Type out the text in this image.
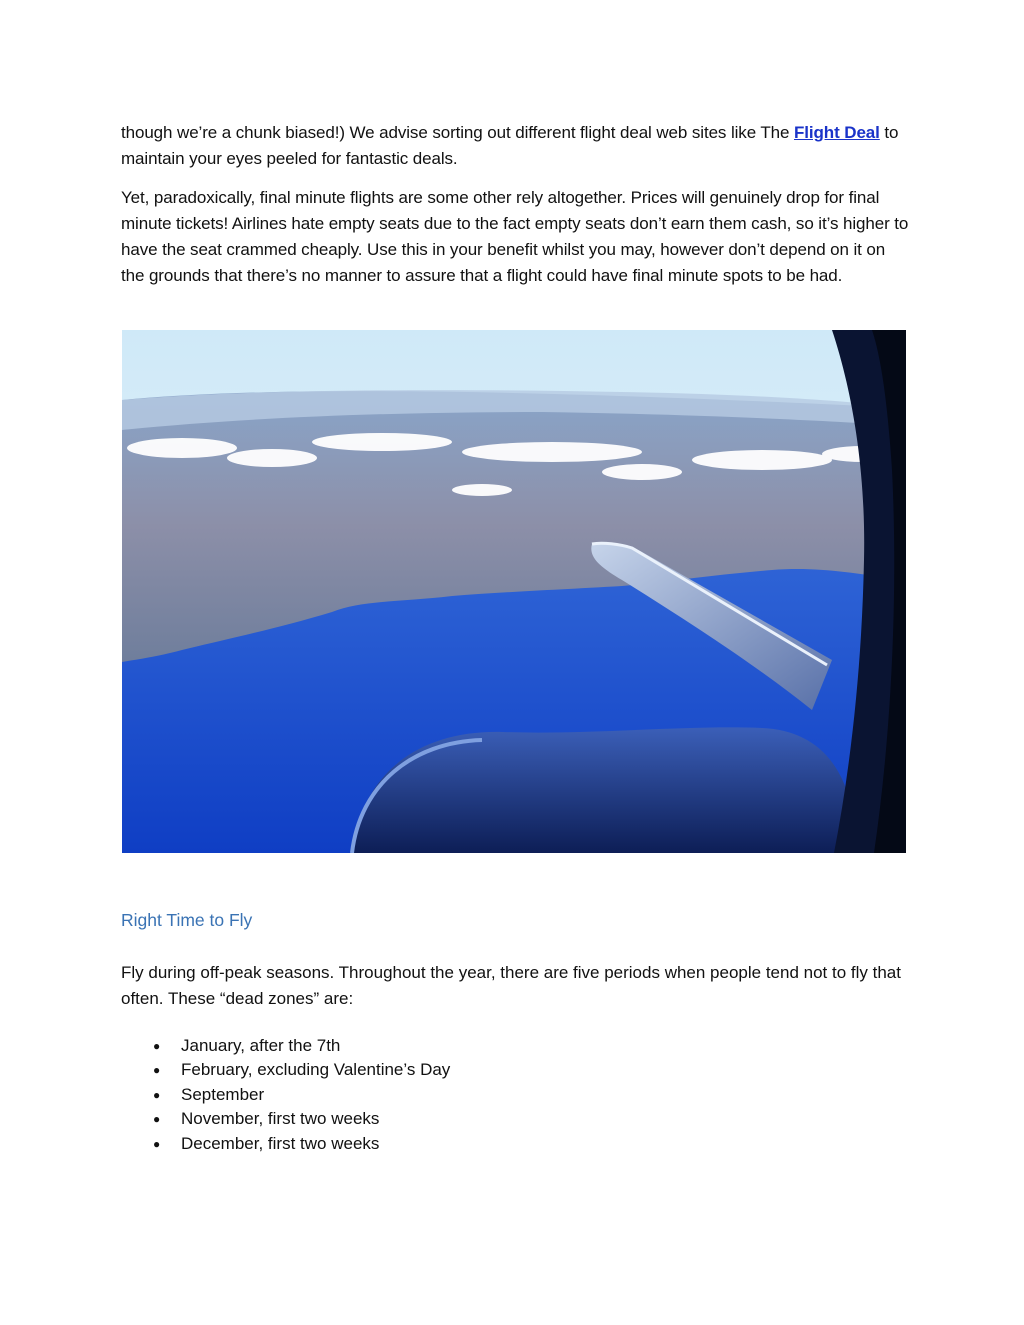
though we’re a chunk biased!) We advise sorting out different flight deal web sites like The Flight Deal to maintain your eyes peeled for fantastic deals.

Yet, paradoxically, final minute flights are some other rely altogether. Prices will genuinely drop for final minute tickets! Airlines hate empty seats due to the fact empty seats don’t earn them cash, so it’s higher to have the seat crammed cheaply. Use this in your benefit whilst you may, however don’t depend on it on the grounds that there’s no manner to assure that a flight could have final minute spots to be had.

Right Time to Fly

Fly during off-peak seasons. Throughout the year, there are five periods when people tend not to fly that often. These “dead zones” are:

● January, after the 7th
● February, excluding Valentine’s Day
● September
● November, first two weeks
● December, first two weeks
